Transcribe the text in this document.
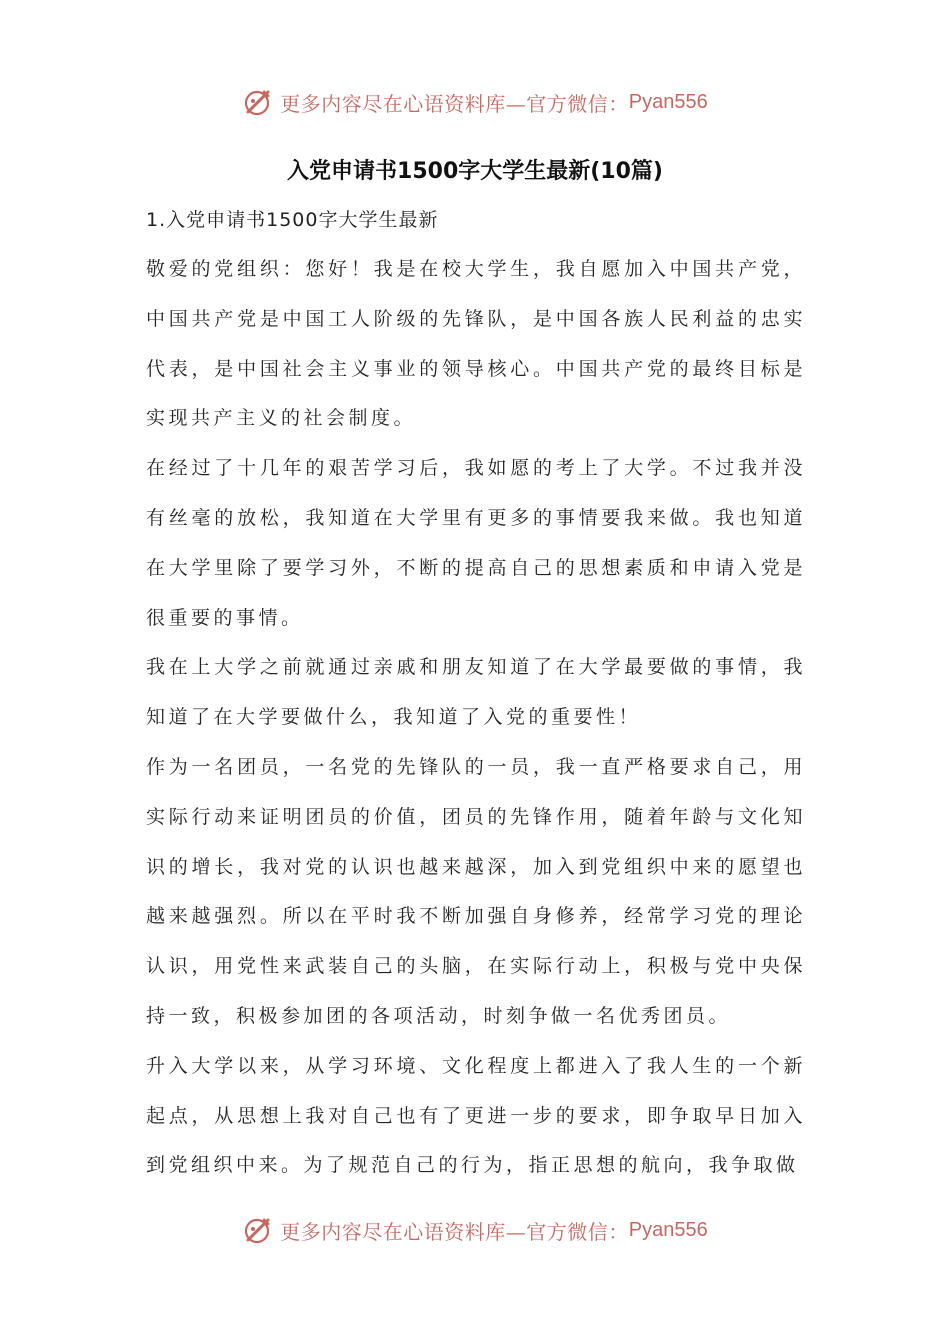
更多内容尽在心语资料库—官方微信： Pyan556
入党申请书1500字大学生最新(10篇)
1.入党申请书1500字大学生最新

敬爱的党组织：您好！我是在校大学生，我自愿加入中国共产党，中国共产党是中国工人阶级的先锋队，是中国各族人民利益的忠实代表，是中国社会主义事业的领导核心。中国共产党的最终目标是实现共产主义的社会制度。

在经过了十几年的艰苦学习后，我如愿的考上了大学。不过我并没有丝毫的放松，我知道在大学里有更多的事情要我来做。我也知道在大学里除了要学习外，不断的提高自己的思想素质和申请入党是很重要的事情。

我在上大学之前就通过亲戚和朋友知道了在大学最要做的事情，我知道了在大学要做什么，我知道了入党的重要性！

作为一名团员，一名党的先锋队的一员，我一直严格要求自己，用实际行动来证明团员的价值，团员的先锋作用，随着年龄与文化知识的增长，我对党的认识也越来越深，加入到党组织中来的愿望也越来越强烈。所以在平时我不断加强自身修养，经常学习党的理论认识，用党性来武装自己的头脑，在实际行动上，积极与党中央保持一致，积极参加团的各项活动，时刻争做一名优秀团员。

升入大学以来，从学习环境、文化程度上都进入了我人生的一个新起点，从思想上我对自己也有了更进一步的要求，即争取早日加入到党组织中来。为了规范自己的行为，指正思想的航向，我争取做

更多内容尽在心语资料库—官方微信： Pyan556
